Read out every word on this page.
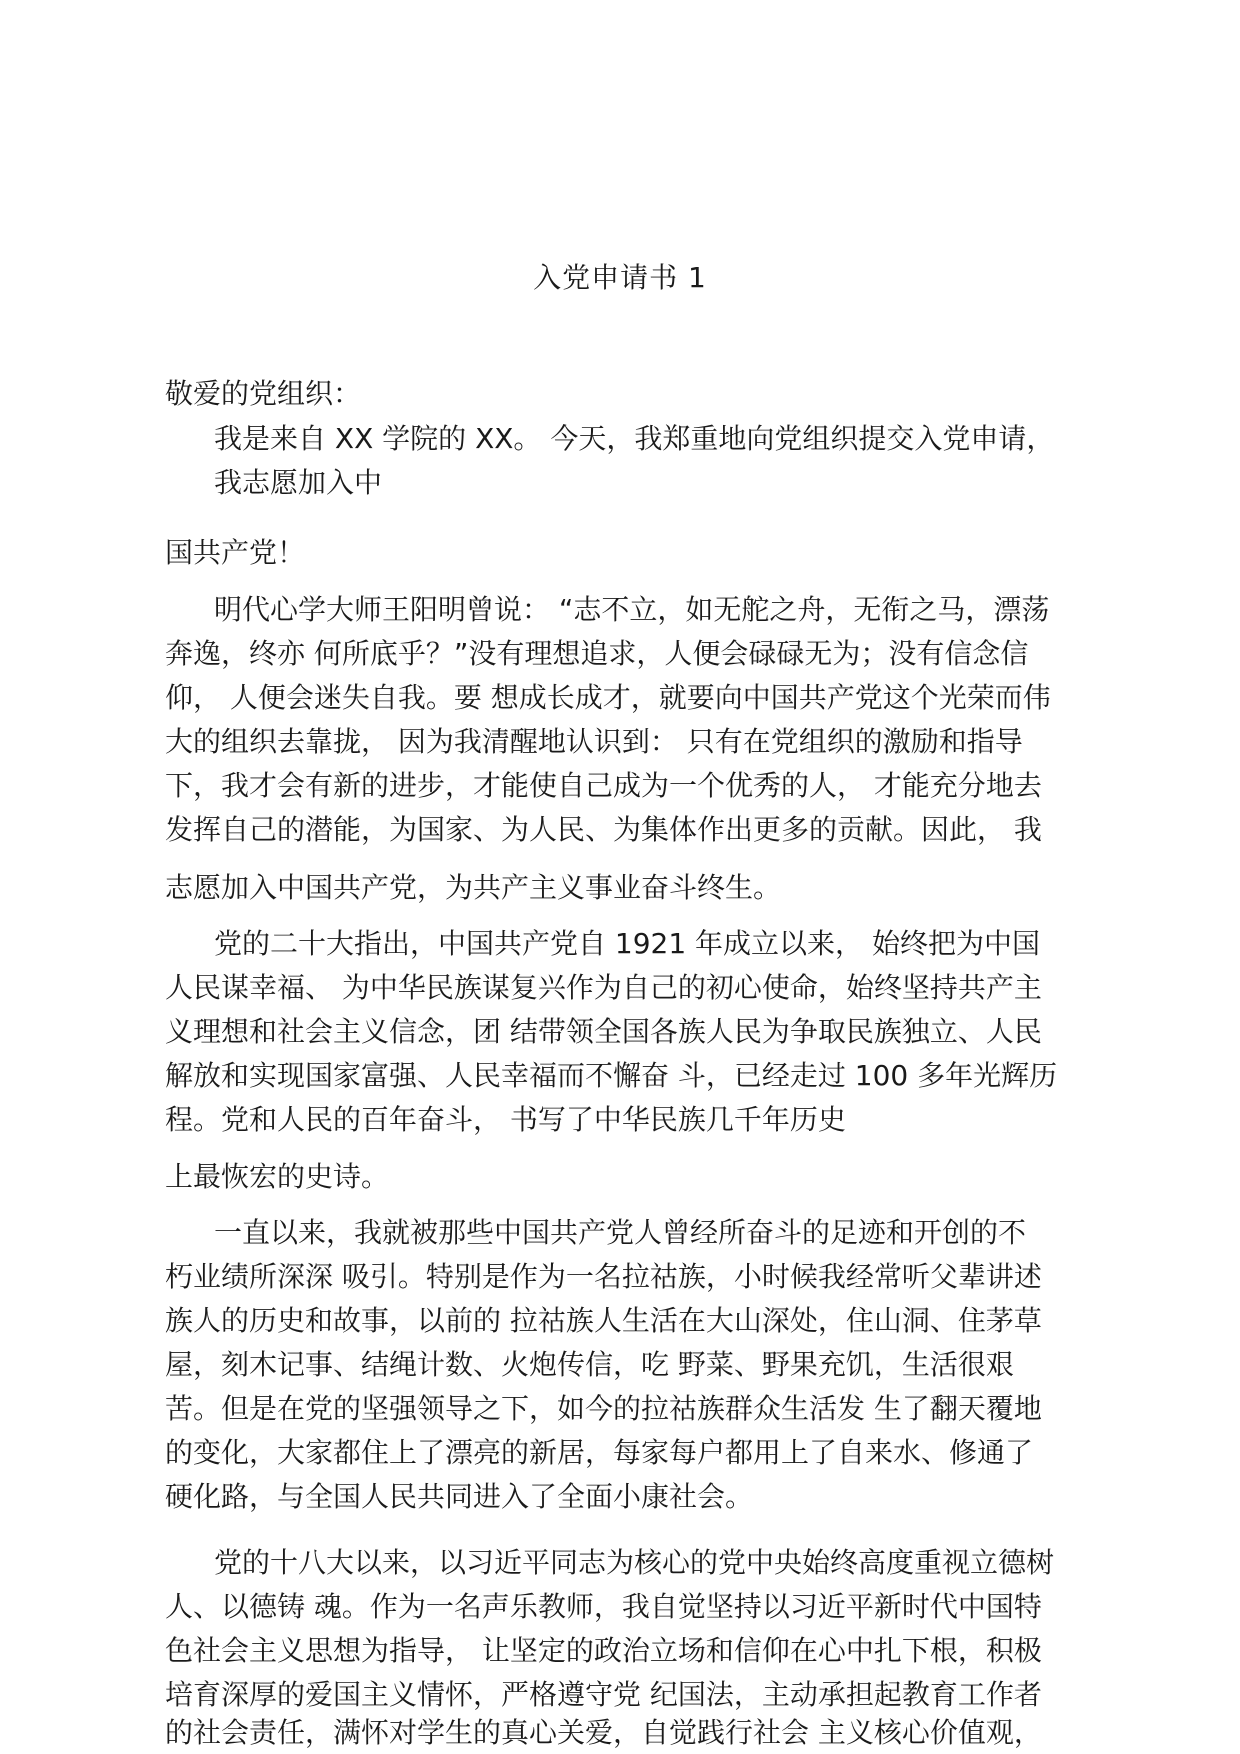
入党申请书 1
敬爱的党组织：
我是来自 XX 学院的 XX。 今天，我郑重地向党组织提交入党申请，
我志愿加入中
国共产党！
明代心学大师王阳明曾说： “志不立，如无舵之舟，无衔之马，漂荡
奔逸，终亦 何所底乎？”没有理想追求，人便会碌碌无为；没有信念信
仰， 人便会迷失自我。要 想成长成才，就要向中国共产党这个光荣而伟
大的组织去靠拢， 因为我清醒地认识到： 只有在党组织的激励和指导
下，我才会有新的进步，才能使自己成为一个优秀的人， 才能充分地去
发挥自己的潜能，为国家、为人民、为集体作出更多的贡献。因此， 我
志愿加入中国共产党，为共产主义事业奋斗终生。
党的二十大指出，中国共产党自 1921 年成立以来， 始终把为中国
人民谋幸福、 为中华民族谋复兴作为自己的初心使命，始终坚持共产主
义理想和社会主义信念，团 结带领全国各族人民为争取民族独立、人民
解放和实现国家富强、人民幸福而不懈奋 斗，已经走过 100 多年光辉历
程。党和人民的百年奋斗， 书写了中华民族几千年历史
上最恢宏的史诗。
一直以来，我就被那些中国共产党人曾经所奋斗的足迹和开创的不
朽业绩所深深 吸引。特别是作为一名拉祜族，小时候我经常听父辈讲述
族人的历史和故事，以前的 拉祜族人生活在大山深处，住山洞、住茅草
屋，刻木记事、结绳计数、火炮传信，吃 野菜、野果充饥，生活很艰
苦。但是在党的坚强领导之下，如今的拉祜族群众生活发 生了翻天覆地
的变化，大家都住上了漂亮的新居，每家每户都用上了自来水、修通了
硬化路，与全国人民共同进入了全面小康社会。
党的十八大以来，以习近平同志为核心的党中央始终高度重视立德树
人、以德铸 魂。作为一名声乐教师，我自觉坚持以习近平新时代中国特
色社会主义思想为指导， 让坚定的政治立场和信仰在心中扎下根，积极
培育深厚的爱国主义情怀，严格遵守党 纪国法，主动承担起教育工作者
的社会责任，满怀对学生的真心关爱，自觉践行社会 主义核心价值观，
